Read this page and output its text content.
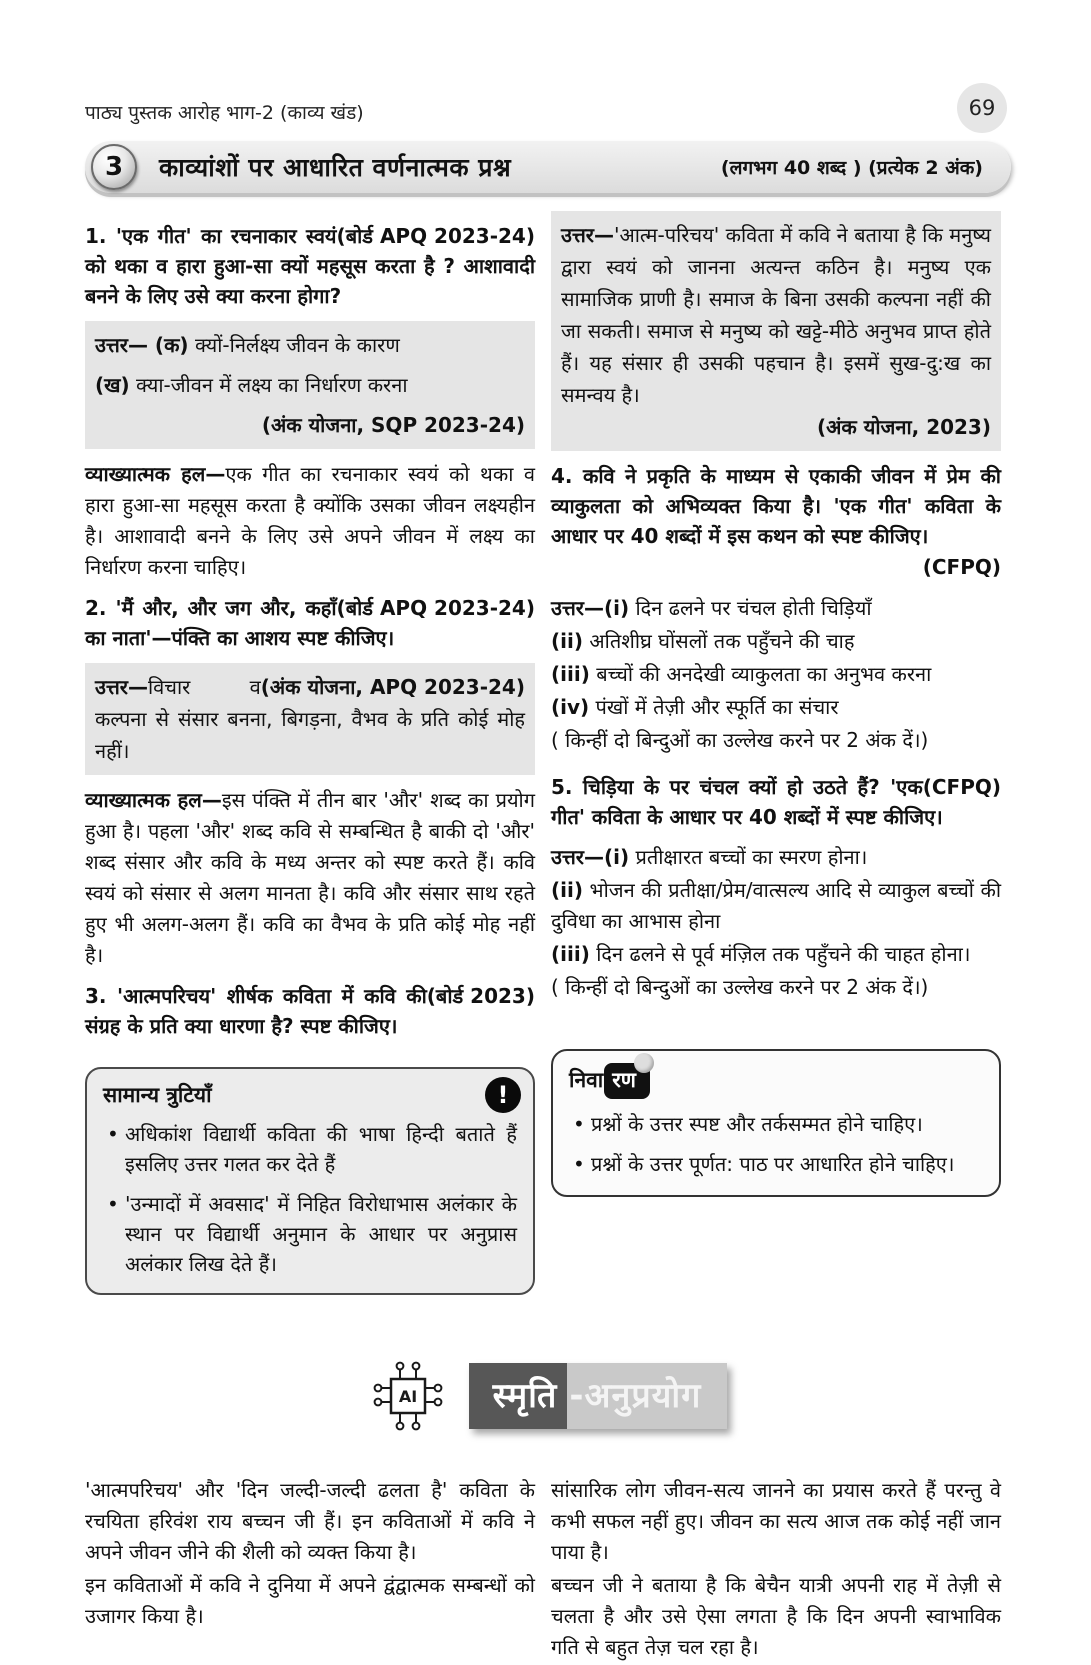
पाठ्य पुस्तक आरोह भाग-2 (काव्य खंड)	69
3	काव्यांशों पर आधारित वर्णनात्मक प्रश्न	(लगभग 40 शब्द ) (प्रत्येक 2 अंक)

(बोर्ड APQ 2023-24)
1. 'एक गीत' का रचनाकार स्वयं को थका व हारा हुआ-सा क्यों महसूस करता है ? आशावादी बनने के लिए उसे क्या करना होगा?

उत्तर— (क) क्यों-निर्लक्ष्य जीवन के कारण
(ख) क्या-जीवन में लक्ष्य का निर्धारण करना
(अंक योजना, SQP 2023-24)

व्याख्यात्मक हल—एक गीत का रचनाकार स्वयं को थका व हारा हुआ-सा महसूस करता है क्योंकि उसका जीवन लक्ष्यहीन है। आशावादी बनने के लिए उसे अपने जीवन में लक्ष्य का निर्धारण करना चाहिए।

(बोर्ड APQ 2023-24)
2. 'मैं और, और जग और, कहाँ का नाता'—पंक्ति का आशय स्पष्ट कीजिए।

(अंक योजना, APQ 2023-24)
उत्तर—विचार व कल्पना से संसार बनना, बिगड़ना, वैभव के प्रति कोई मोह नहीं।

व्याख्यात्मक हल—इस पंक्ति में तीन बार 'और' शब्द का प्रयोग हुआ है। पहला 'और' शब्द कवि से सम्बन्धित है बाकी दो 'और' शब्द संसार और कवि के मध्य अन्तर को स्पष्ट करते हैं। कवि स्वयं को संसार से अलग मानता है। कवि और संसार साथ रहते हुए भी अलग-अलग हैं। कवि का वैभव के प्रति कोई मोह नहीं है।

(बोर्ड 2023)
3. 'आत्मपरिचय' शीर्षक कविता में कवि की संग्रह के प्रति क्या धारणा है? स्पष्ट कीजिए।

!
सामान्य त्रुटियाँ
• अधिकांश विद्यार्थी कविता की भाषा हिन्दी बताते हैं इसलिए उत्तर गलत कर देते हैं
• 'उन्मादों में अवसाद' में निहित विरोधाभास अलंकार के स्थान पर विद्यार्थी अनुमान के आधार पर अनुप्रास अलंकार लिख देते हैं।
उत्तर—'आत्म-परिचय' कविता में कवि ने बताया है कि मनुष्य द्वारा स्वयं को जानना अत्यन्त कठिन है। मनुष्य एक सामाजिक प्राणी है। समाज के बिना उसकी कल्पना नहीं की जा सकती। समाज से मनुष्य को खट्टे-मीठे अनुभव प्राप्त होते हैं। यह संसार ही उसकी पहचान है। इसमें सुख-दु:ख का समन्वय है।
(अंक योजना, 2023)

4. कवि ने प्रकृति के माध्यम से एकाकी जीवन में प्रेम की व्याकुलता को अभिव्यक्त किया है। 'एक गीत' कविता के आधार पर 40 शब्दों में इस कथन को स्पष्ट कीजिए।

(CFPQ)

उत्तर—(i) दिन ढलने पर चंचल होती चिड़ियाँ

(ii) अतिशीघ्र घोंसलों तक पहुँचने की चाह

(iii) बच्चों की अनदेखी व्याकुलता का अनुभव करना

(iv) पंखों में तेज़ी और स्फूर्ति का संचार

( किन्हीं दो बिन्दुओं का उल्लेख करने पर 2 अंक दें।)

(CFPQ)
5. चिड़िया के पर चंचल क्यों हो उठते हैं? 'एक गीत' कविता के आधार पर 40 शब्दों में स्पष्ट कीजिए।

उत्तर—(i) प्रतीक्षारत बच्चों का स्मरण होना।

(ii) भोजन की प्रतीक्षा/प्रेम/वात्सल्य आदि से व्याकुल बच्चों की दुविधा का आभास होना

(iii) दिन ढलने से पूर्व मंज़िल तक पहुँचने की चाहत होना।

( किन्हीं दो बिन्दुओं का उल्लेख करने पर 2 अंक दें।)

निवा रण
• प्रश्नों के उत्तर स्पष्ट और तर्कसम्मत होने चाहिए।
• प्रश्नों के उत्तर पूर्णत: पाठ पर आधारित होने चाहिए।
AI	स्मृति -अनुप्रयोग

'आत्मपरिचय' और 'दिन जल्दी-जल्दी ढलता है' कविता के रचयिता हरिवंश राय बच्चन जी हैं। इन कविताओं में कवि ने अपने जीवन जीने की शैली को व्यक्त किया है।

इन कविताओं में कवि ने दुनिया में अपने द्वंद्वात्मक सम्बन्धों को उजागर किया है।

सांसारिक लोग जीवन-सत्य जानने का प्रयास करते हैं परन्तु वे कभी सफल नहीं हुए। जीवन का सत्य आज तक कोई नहीं जान पाया है।

बच्चन जी ने बताया है कि बेचैन यात्री अपनी राह में तेज़ी से चलता है और उसे ऐसा लगता है कि दिन अपनी स्वाभाविक गति से बहुत तेज़ चल रहा है।
